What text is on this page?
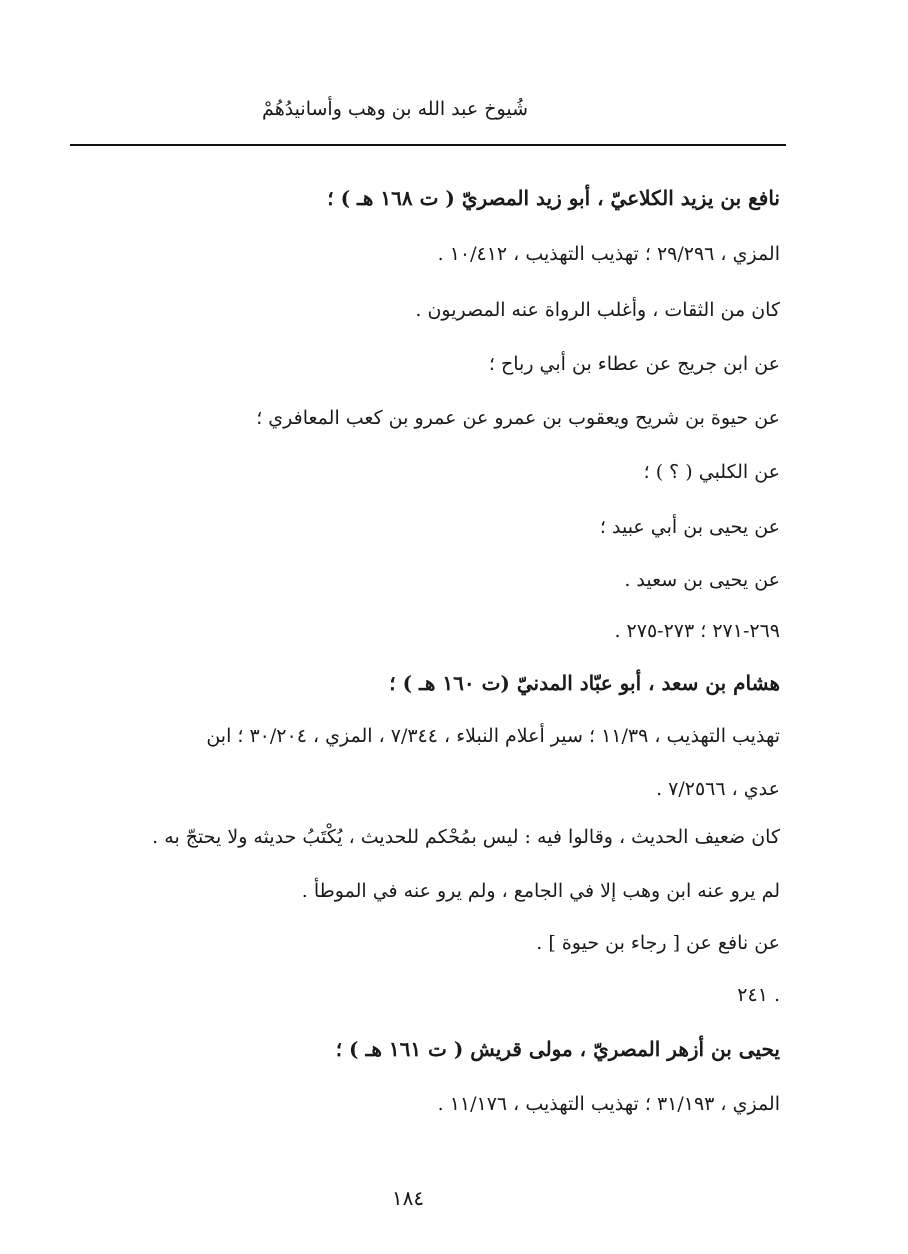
شُيوخ عبد الله بن وهب وأسانيدُهُمْ
نافع بن يزيد الكلاعيّ ، أبو زيد المصريّ ( ت ١٦٨ هـ ) ؛
المزي ، ٢٩/٢٩٦ ؛ تهذيب التهذيب ، ١٠/٤١٢ .
كان من الثقات ، وأغلب الرواة عنه المصريون .
عن ابن جريج عن عطاء بن أبي رباح ؛
عن حيوة بن شريح ويعقوب بن عمرو عن عمرو بن كعب المعافري ؛
عن الكلبي ( ؟ ) ؛
عن يحيى بن أبي عبيد ؛
عن يحيى بن سعيد .
٢٦٩-٢٧١ ؛ ٢٧٣-٢٧٥ .
هشام بن سعد ، أبو عبّاد المدنيّ (ت ١٦٠ هـ ) ؛
تهذيب التهذيب ، ١١/٣٩ ؛ سير أعلام النبلاء ، ٧/٣٤٤ ، المزي ، ٣٠/٢٠٤ ؛ ابن
عدي ، ٧/٢٥٦٦ .
كان ضعيف الحديث ، وقالوا فيه : ليس بمُحْكم للحديث ، يُكْتَبُ حديثه ولا يحتجّ به .
لم يرو عنه ابن وهب إلا في الجامع ، ولم يرو عنه في الموطأ .
عن نافع عن [ رجاء بن حيوة ] .
٢٤١ .
يحيى بن أزهر المصريّ ، مولى قريش ( ت ١٦١ هـ ) ؛
المزي ، ٣١/١٩٣ ؛ تهذيب التهذيب ، ١١/١٧٦ .
١٨٤
